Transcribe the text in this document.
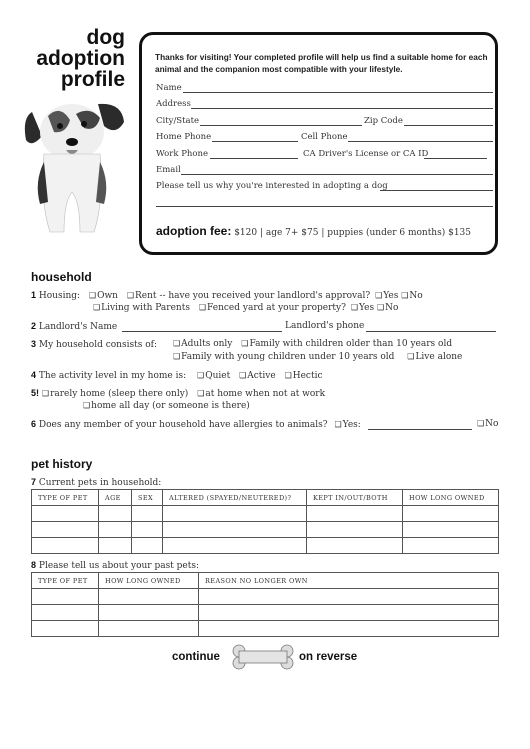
dog
adoption
profile
Thanks for visiting! Your completed profile will help us find a suitable home for each animal and the companion most compatible with your lifestyle.
Name
Address
City/State	Zip Code
Home Phone	Cell Phone
Work Phone	CA Driver's License or CA ID
Email
Please tell us why you're interested in adopting a dog
adoption fee: $120 | age 7+ $75 | puppies (under 6 months) $135
household
1 Housing: ❑Own ❑Rent -- have you received your landlord's approval? ❑Yes ❑No
❑Living with Parents ❑Fenced yard at your property? ❑Yes ❑No
2 Landlord's Name	Landlord's phone
3 My household consists of: ❑Adults only ❑Family with children older than 10 years old
❑Family with young children under 10 years old ❑Live alone
4 The activity level in my home is: ❑Quiet ❑Active ❑Hectic
5! ❑rarely home (sleep there only) ❑at home when not at work
❑home all day (or someone is there)
6 Does any member of your household have allergies to animals? ❑Yes:	❑No
pet history
7 Current pets in household:
TYPE OF PET	AGE	SEX	ALTERED (SPAYED/NEUTERED)?	KEPT IN/OUT/BOTH	HOW LONG OWNED

8 Please tell us about your past pets:
TYPE OF PET	HOW LONG OWNED	REASON NO LONGER OWN

continue	on reverse
